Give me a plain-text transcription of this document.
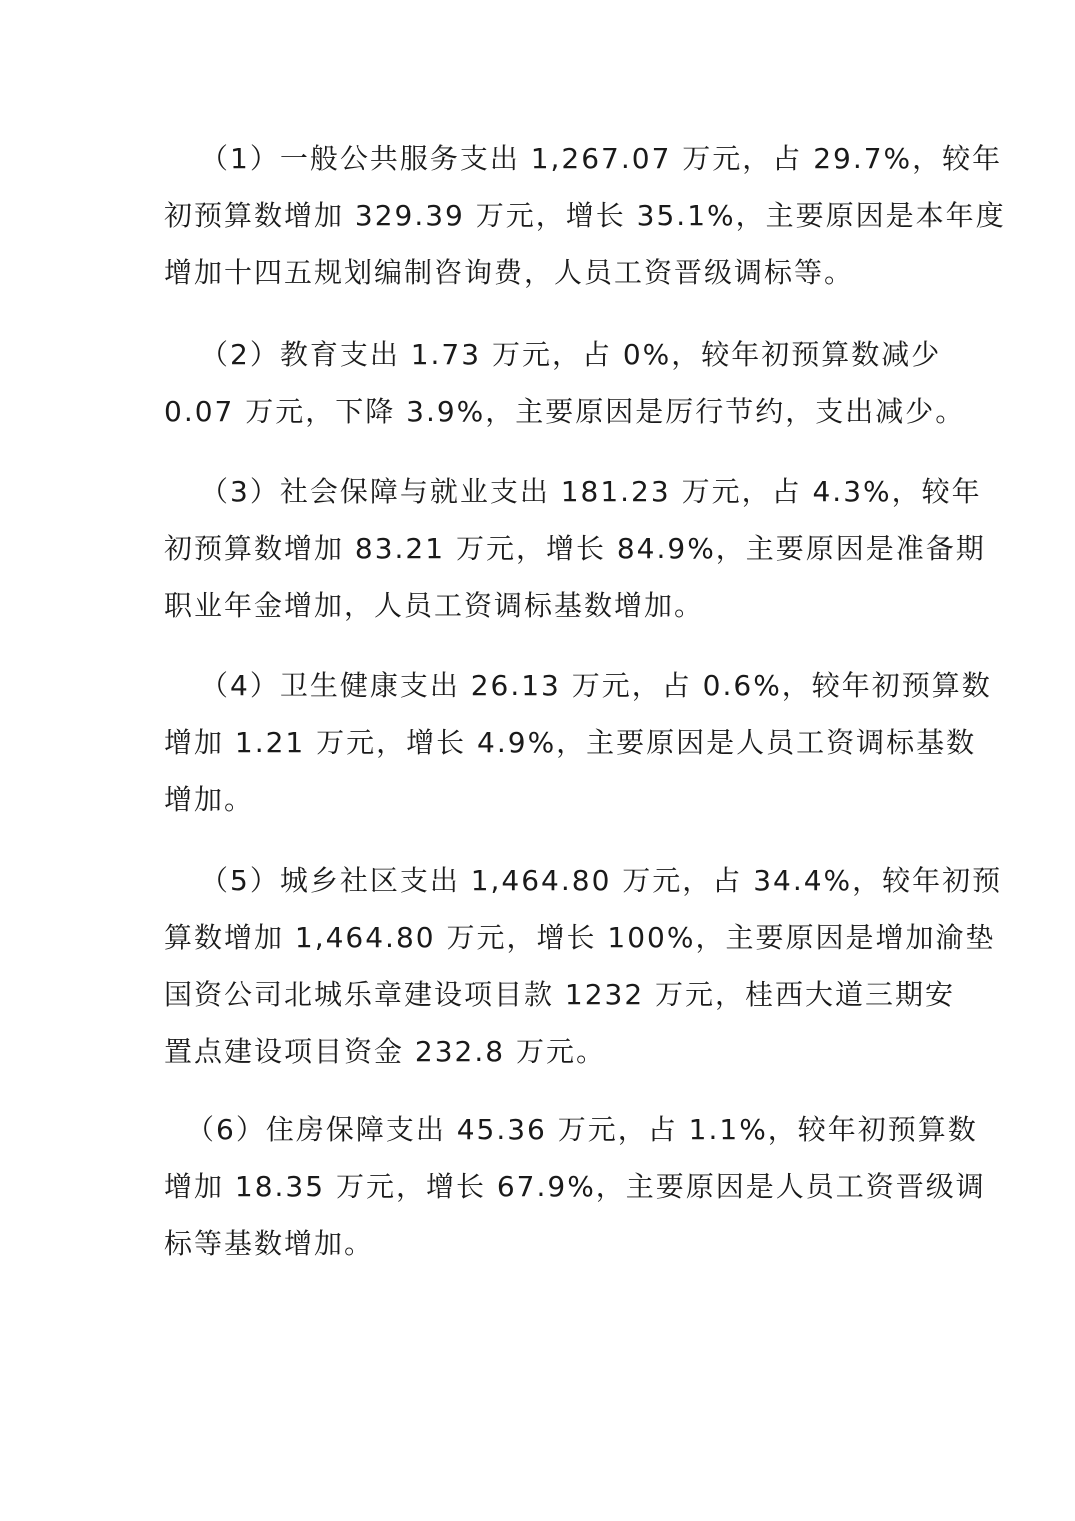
（1）一般公共服务支出 1,267.07 万元，占 29.7%，较年
初预算数增加 329.39 万元，增长 35.1%，主要原因是本年度
增加十四五规划编制咨询费，人员工资晋级调标等。

（2）教育支出 1.73 万元，占 0%，较年初预算数减少
0.07 万元，下降 3.9%，主要原因是厉行节约，支出减少。

（3）社会保障与就业支出 181.23 万元，占 4.3%，较年
初预算数增加 83.21 万元，增长 84.9%，主要原因是准备期
职业年金增加，人员工资调标基数增加。

（4）卫生健康支出 26.13 万元，占 0.6%，较年初预算数
增加 1.21 万元，增长 4.9%，主要原因是人员工资调标基数
增加。

（5）城乡社区支出 1,464.80 万元，占 34.4%，较年初预
算数增加 1,464.80 万元，增长 100%，主要原因是增加渝垫
国资公司北城乐章建设项目款 1232 万元，桂西大道三期安
置点建设项目资金 232.8 万元。

（6）住房保障支出 45.36 万元，占 1.1%，较年初预算数
增加 18.35 万元，增长 67.9%，主要原因是人员工资晋级调
标等基数增加。
